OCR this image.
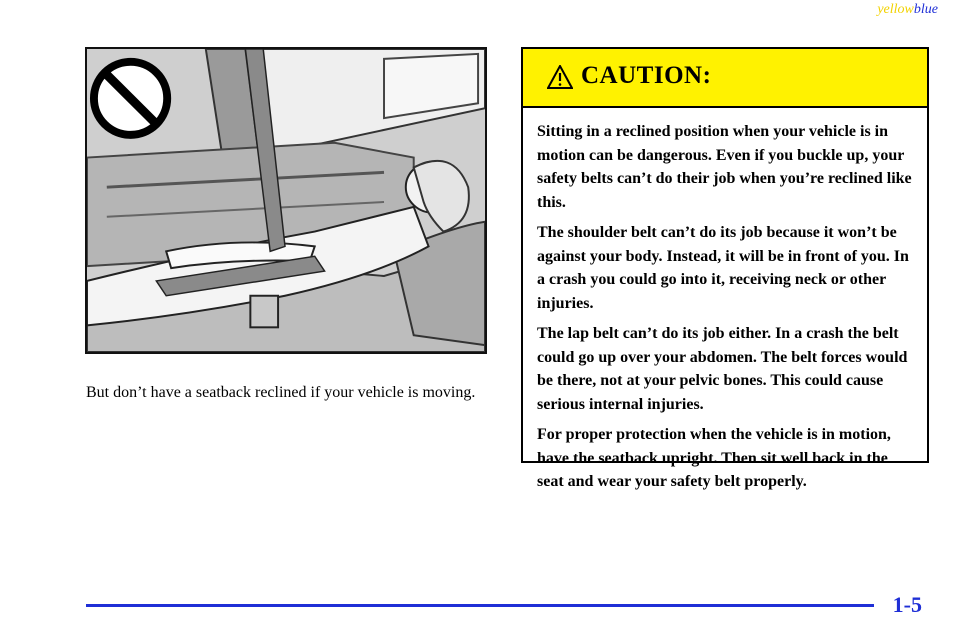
yellowblue

But don’t have a seatback reclined if your vehicle is moving.

CAUTION:

Sitting in a reclined position when your vehicle is in motion can be dangerous. Even if you buckle up, your safety belts can’t do their job when you’re reclined like this.

The shoulder belt can’t do its job because it won’t be against your body. Instead, it will be in front of you. In a crash you could go into it, receiving neck or other injuries.

The lap belt can’t do its job either. In a crash the belt could go up over your abdomen. The belt forces would be there, not at your pelvic bones. This could cause serious internal injuries.

For proper protection when the vehicle is in motion, have the seatback upright. Then sit well back in the seat and wear your safety belt properly.

1-5
